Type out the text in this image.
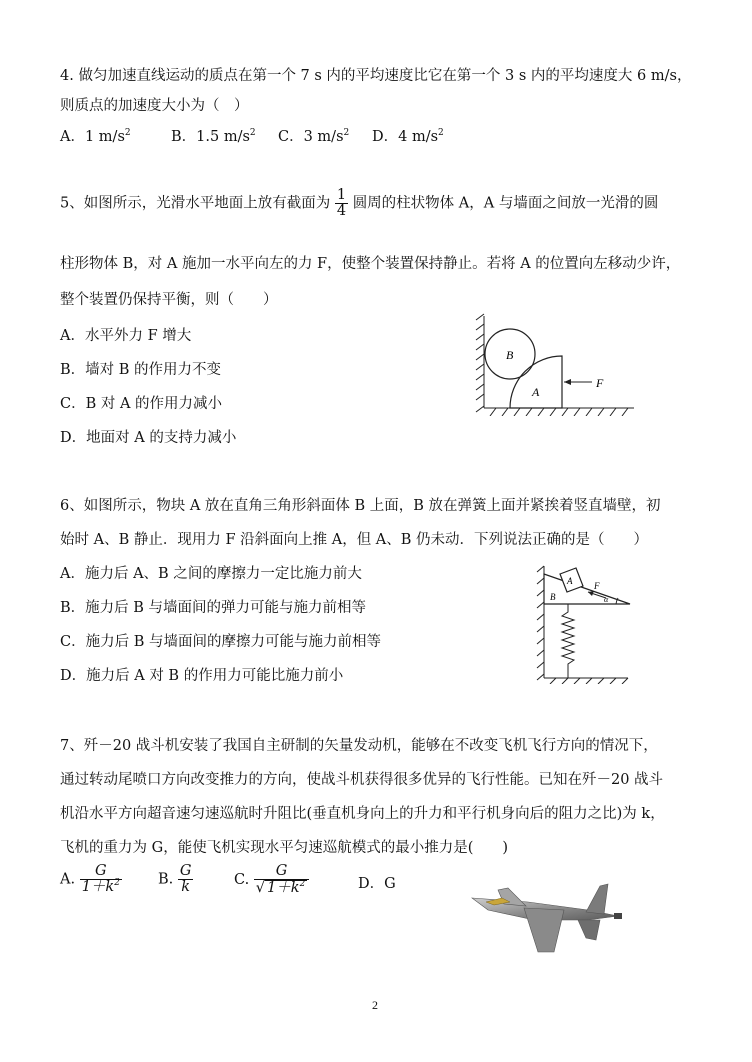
4. 做匀加速直线运动的质点在第一个 7 s 内的平均速度比它在第一个 3 s 内的平均速度大 6 m/s，
则质点的加速度大小为（　）
A．1 $m/s^2$	B．1.5 $m/s^2$ C．3 $m/s^2$ D．4 $m/s^2$
5、如图所示，光滑水平地面上放有截面为 $\frac{1}{4}$ 圆周的柱状物体 A，A 与墙面之间放一光滑的圆
柱形物体 B，对 A 施加一水平向左的力 F，使整个装置保持静止。若将 A 的位置向左移动少许，
整个装置仍保持平衡，则（　　）
A．水平外力 F 增大
B．墙对 B 的作用力不变
C．B 对 A 的作用力减小
D．地面对 A 的支持力减小
B
A
F
6、如图所示，物块 A 放在直角三角形斜面体 B 上面，B 放在弹簧上面并紧挨着竖直墙壁，初
始时 A、B 静止．现用力 F 沿斜面向上推 A，但 A、B 仍未动．下列说法正确的是（　　）
A．施力后 A、B 之间的摩擦力一定比施力前大
B．施力后 B 与墙面间的弹力可能与施力前相等
C．施力后 B 与墙面间的摩擦力可能与施力前相等
D．施力后 A 对 B 的作用力可能比施力前小
A
B
F
α
7、歼－20 战斗机安装了我国自主研制的矢量发动机，能够在不改变飞机飞行方向的情况下，
通过转动尾喷口方向改变推力的方向，使战斗机获得很多优异的飞行性能。已知在歼－20 战斗
机沿水平方向超音速匀速巡航时升阻比(垂直机身向上的升力和平行机身向后的阻力之比)为 k，
飞机的重力为 G，能使飞机实现水平匀速巡航模式的最小推力是(　　)
A. $\frac{G}{1+k^2} B$. $\frac{G}{k}$	C. $\frac{G}{√ 1+k^2}$	D．G
2
